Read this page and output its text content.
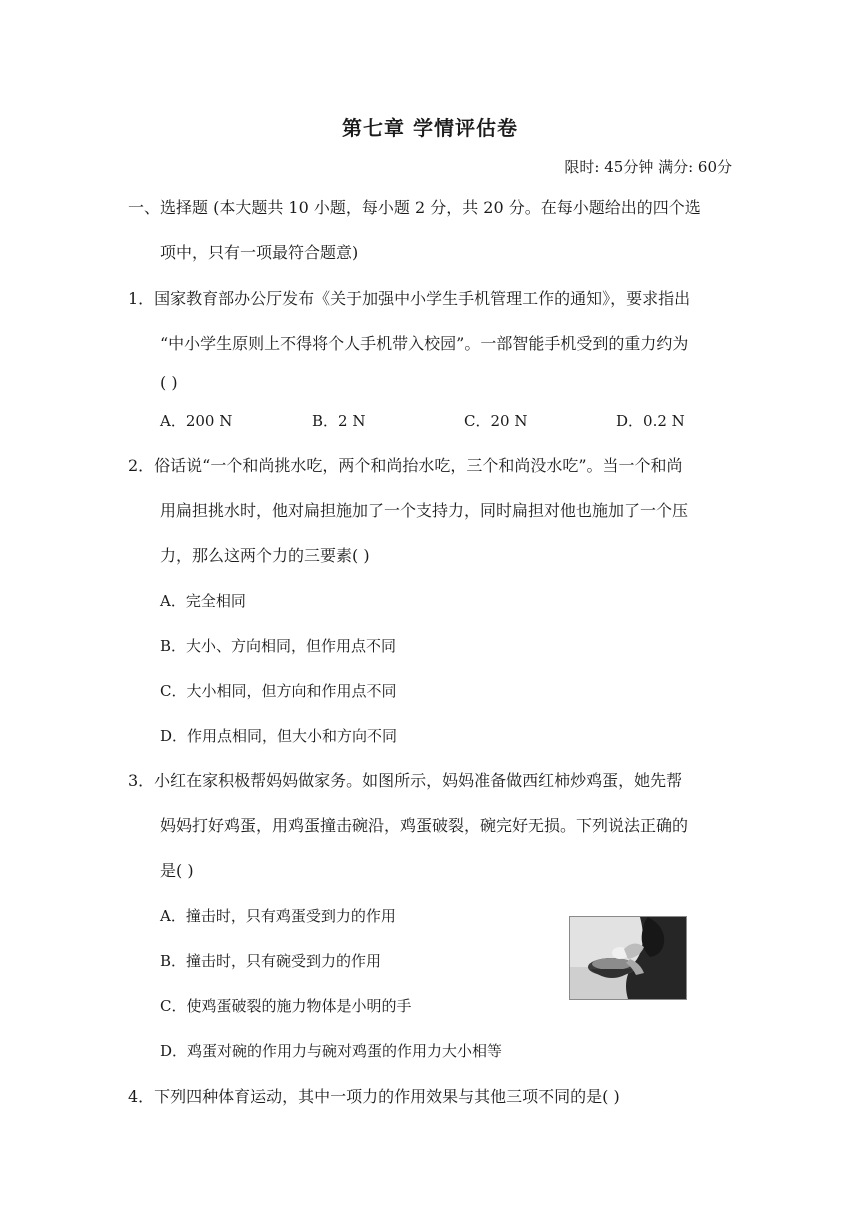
第七章 学情评估卷
限时: 45分钟 满分: 60分
一、选择题 (本大题共 10 小题，每小题 2 分，共 20 分。在每小题给出的四个选
项中，只有一项最符合题意)
1．国家教育部办公厅发布《关于加强中小学生手机管理工作的通知》，要求指出
“中小学生原则上不得将个人手机带入校园”。一部智能手机受到的重力约为
( )
A．200 N	B．2 N	C．20 N	D．0.2 N
2．俗话说“一个和尚挑水吃，两个和尚抬水吃，三个和尚没水吃”。当一个和尚
用扁担挑水时，他对扁担施加了一个支持力，同时扁担对他也施加了一个压
力，那么这两个力的三要素( )
A．完全相同
B．大小、方向相同，但作用点不同
C．大小相同，但方向和作用点不同
D．作用点相同，但大小和方向不同
3．小红在家积极帮妈妈做家务。如图所示，妈妈准备做西红柿炒鸡蛋，她先帮
妈妈打好鸡蛋，用鸡蛋撞击碗沿，鸡蛋破裂，碗完好无损。下列说法正确的
是( )
A．撞击时，只有鸡蛋受到力的作用
B．撞击时，只有碗受到力的作用
C．使鸡蛋破裂的施力物体是小明的手
D．鸡蛋对碗的作用力与碗对鸡蛋的作用力大小相等
4．下列四种体育运动，其中一项力的作用效果与其他三项不同的是( )
